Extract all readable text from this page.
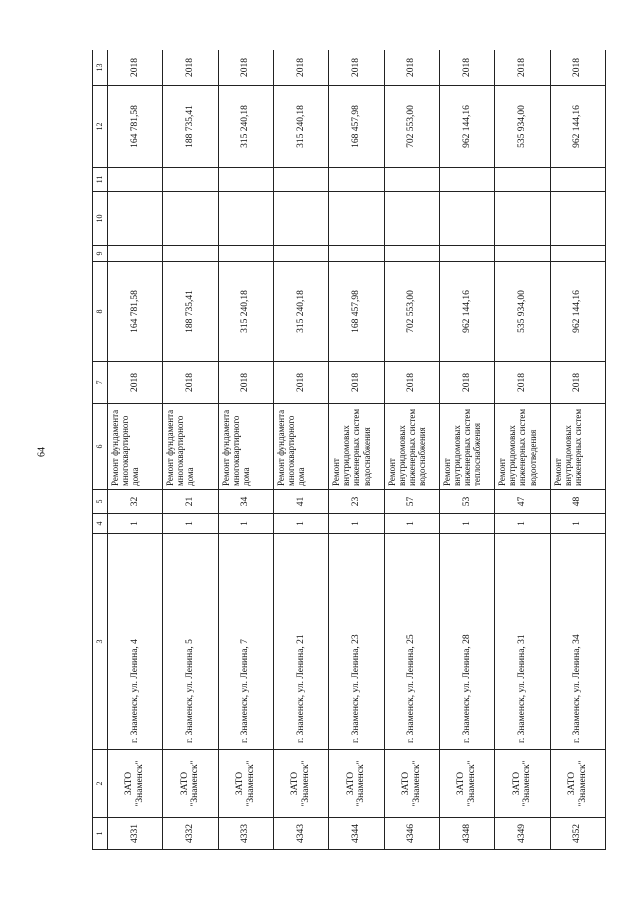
64
1	2	3	4	5	6	7	8	9	10	11	12	13
4331	ЗАТО "Знаменск"	г. Знаменск, ул. Ленина, 4	1	32	Ремонт фундамента многоквартирного дома	2018	164 781,58				164 781,58	2018
4332	ЗАТО "Знаменск"	г. Знаменск, ул. Ленина, 5	1	21	Ремонт фундамента многоквартирного дома	2018	188 735,41				188 735,41	2018
4333	ЗАТО "Знаменск"	г. Знаменск, ул. Ленина, 7	1	34	Ремонт фундамента многоквартирного дома	2018	315 240,18				315 240,18	2018
4343	ЗАТО "Знаменск"	г. Знаменск, ул. Ленина, 21	1	41	Ремонт фундамента многоквартирного дома	2018	315 240,18				315 240,18	2018
4344	ЗАТО "Знаменск"	г. Знаменск, ул. Ленина, 23	1	23	Ремонт внутридомовых инженерных систем водоснабжения	2018	168 457,98				168 457,98	2018
4346	ЗАТО "Знаменск"	г. Знаменск, ул. Ленина, 25	1	57	Ремонт внутридомовых инженерных систем водоснабжения	2018	702 553,00				702 553,00	2018
4348	ЗАТО "Знаменск"	г. Знаменск, ул. Ленина, 28	1	53	Ремонт внутридомовых инженерных систем теплоснабжения	2018	962 144,16				962 144,16	2018
4349	ЗАТО "Знаменск"	г. Знаменск, ул. Ленина, 31	1	47	Ремонт внутридомовых инженерных систем водоотведения	2018	535 934,00				535 934,00	2018
4352	ЗАТО "Знаменск"	г. Знаменск, ул. Ленина, 34	1	48	Ремонт внутридомовых инженерных систем	2018	962 144,16				962 144,16	2018
